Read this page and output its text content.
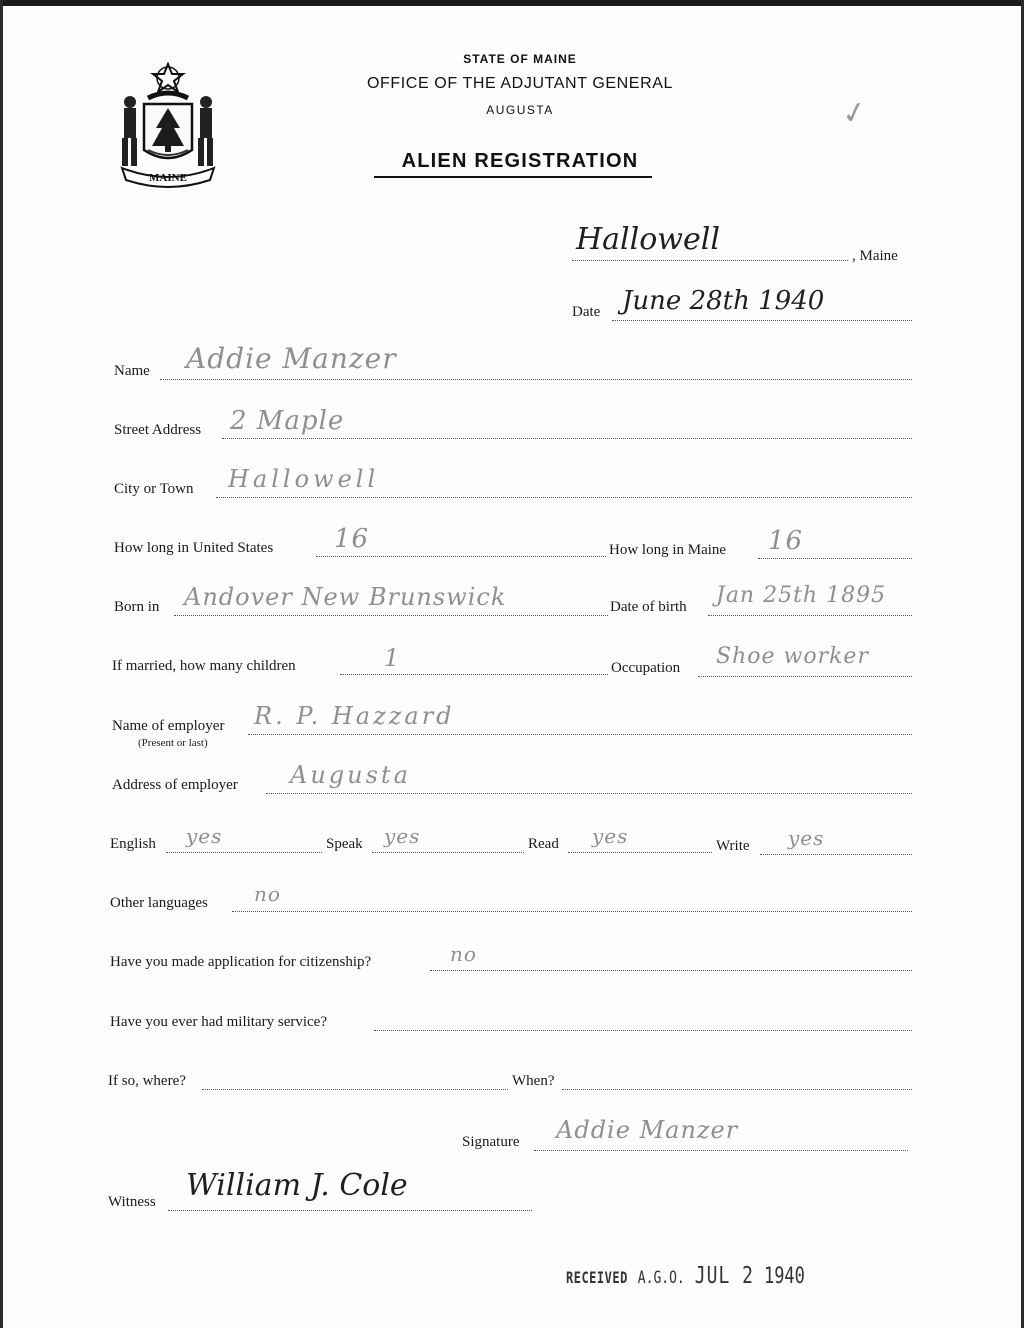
MAINE
STATE OF MAINE
OFFICE OF THE ADJUTANT GENERAL
AUGUSTA
ALIEN REGISTRATION
✓
Hallowell	, Maine
Date June 28th 1940
Name Addie Manzer
Street Address 2 Maple
City or Town Hallowell
How long in United States 16	How long in Maine 16
Born in Andover New Brunswick	Date of birth Jan 25th 1895
If married, how many children	1	Occupation Shoe worker
Name of employer
(Present or last)
R. P. Hazzard
Address of employer Augusta
English yes	Speak yes	Read yes	Write yes
Other languages no
Have you made application for citizenship?	no
Have you ever had military service?
If so, where?	When?
Signature Addie Manzer
Witness William J. Cole
RECEIVED A.G.O. JUL 2 1940
